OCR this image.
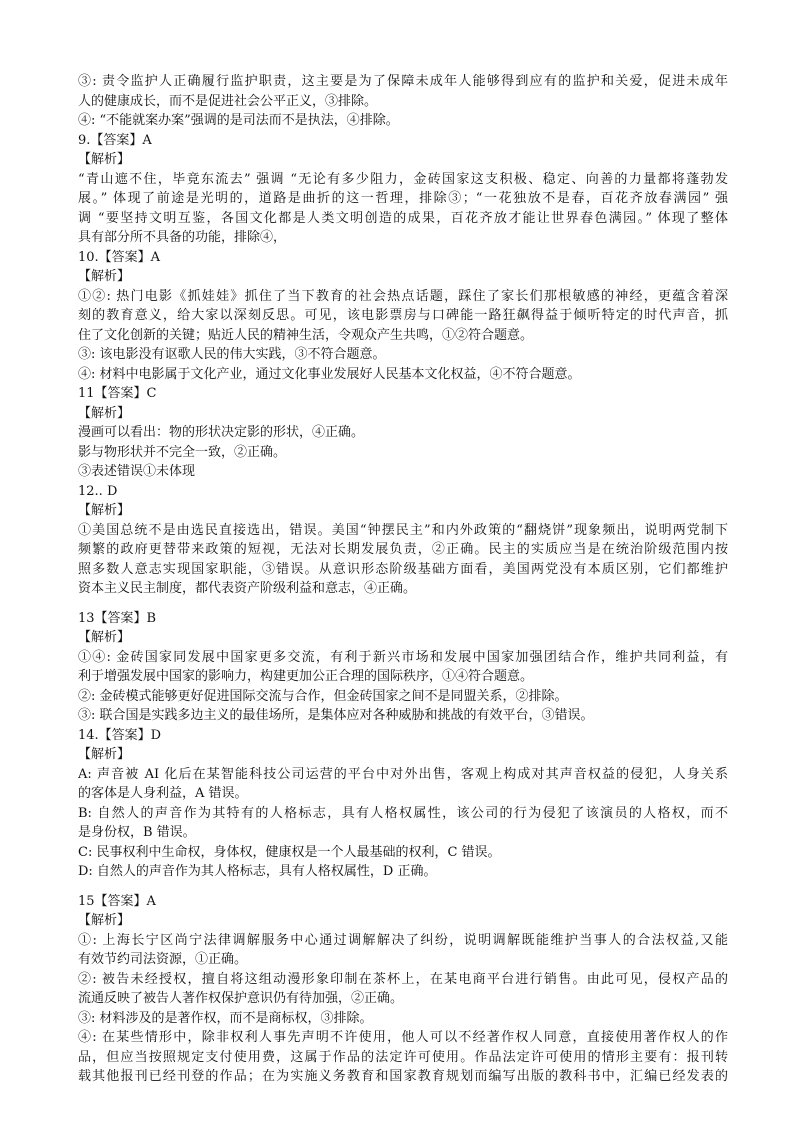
③: 责令监护人正确履行监护职责，这主要是为了保障未成年人能够得到应有的监护和关爱，促进未成年
人的健康成长，而不是促进社会公平正义，③排除。
④: “不能就案办案”强调的是司法而不是执法，④排除。
9.【答案】A
【解析】
“青山遮不住，毕竟东流去” 强调 “无论有多少阻力，金砖国家这支积极、稳定、向善的力量都将蓬勃发
展。” 体现了前途是光明的，道路是曲折的这一哲理，排除③；“一花独放不是春，百花齐放春满园” 强
调 “要坚持文明互鉴，各国文化都是人类文明创造的成果，百花齐放才能让世界春色满园。” 体现了整体
具有部分所不具备的功能，排除④，
10.【答案】A
【解析】
①②: 热门电影《抓娃娃》抓住了当下教育的社会热点话题，踩住了家长们那根敏感的神经，更蕴含着深
刻的教育意义，给大家以深刻反思。可见，该电影票房与口碑能一路狂飙得益于倾听特定的时代声音，抓
住了文化创新的关键；贴近人民的精神生活，令观众产生共鸣，①②符合题意。
③: 该电影没有讴歌人民的伟大实践，③不符合题意。
④: 材料中电影属于文化产业，通过文化事业发展好人民基本文化权益，④不符合题意。
11【答案】C
【解析】
漫画可以看出：物的形状决定影的形状，④正确。
影与物形状并不完全一致，②正确。
③表述错误①未体现
12.. D
【解析】
①美国总统不是由选民直接选出，错误。美国“钟摆民主”和内外政策的“翻烧饼”现象频出，说明两党制下
频繁的政府更替带来政策的短视，无法对长期发展负责，②正确。民主的实质应当是在统治阶级范围内按
照多数人意志实现国家职能，③错误。从意识形态阶级基础方面看，美国两党没有本质区别，它们都维护
资本主义民主制度，都代表资产阶级利益和意志，④正确。
13【答案】B
【解析】
①④: 金砖国家同发展中国家更多交流，有利于新兴市场和发展中国家加强团结合作，维护共同利益，有
利于增强发展中国家的影响力，构建更加公正合理的国际秩序，①④符合题意。
②: 金砖模式能够更好促进国际交流与合作，但金砖国家之间不是同盟关系，②排除。
③: 联合国是实践多边主义的最佳场所，是集体应对各种威胁和挑战的有效平台，③错误。
14.【答案】D
【解析】
A: 声音被 AI 化后在某智能科技公司运营的平台中对外出售，客观上构成对其声音权益的侵犯，人身关系
的客体是人身利益，A 错误。
B: 自然人的声音作为其特有的人格标志，具有人格权属性，该公司的行为侵犯了该演员的人格权，而不
是身份权，B 错误。
C: 民事权利中生命权，身体权，健康权是一个人最基础的权利，C 错误。
D: 自然人的声音作为其人格标志，具有人格权属性，D 正确。
15【答案】A
【解析】
①: 上海长宁区尚宁法律调解服务中心通过调解解决了纠纷，说明调解既能维护当事人的合法权益,又能
有效节约司法资源，①正确。
②: 被告未经授权，擅自将这组动漫形象印制在茶杯上，在某电商平台进行销售。由此可见，侵权产品的
流通反映了被告人著作权保护意识仍有待加强，②正确。
③: 材料涉及的是著作权，而不是商标权，③排除。
④: 在某些情形中，除非权利人事先声明不许使用，他人可以不经著作权人同意，直接使用著作权人的作
品，但应当按照规定支付使用费，这属于作品的法定许可使用。作品法定许可使用的情形主要有：报刊转
载其他报刊已经刊登的作品；在为实施义务教育和国家教育规划而编写出版的教科书中，汇编已经发表的
